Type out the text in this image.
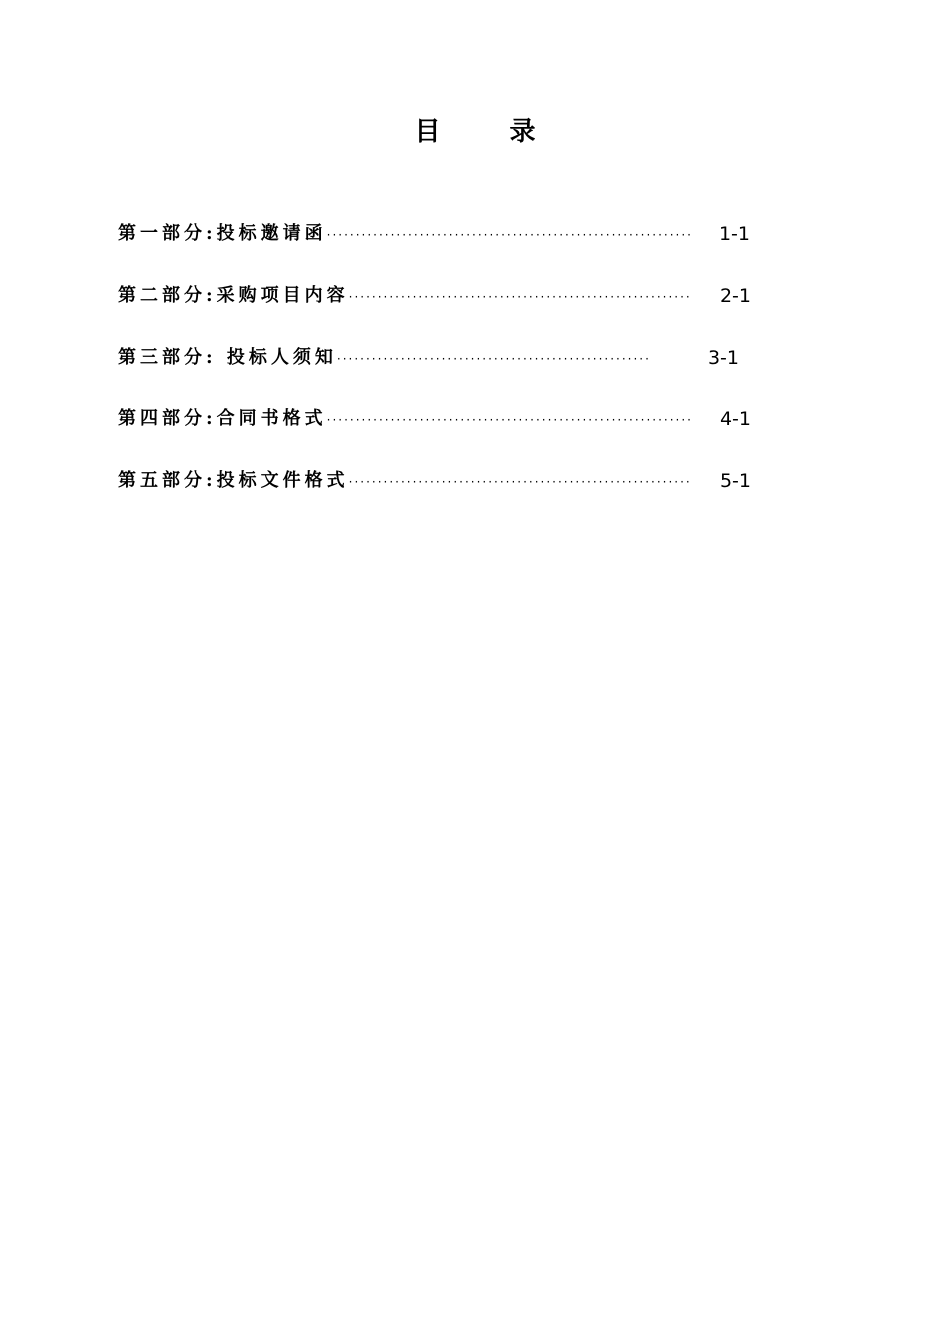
目 录
第一部分:投标邀请函 ·······························································	1-1
第二部分:采购项目内容 ···························································	2-1
第三部分: 投标人须知 ······················································	3-1
第四部分:合同书格式 ·······························································	4-1
第五部分:投标文件格式 ···························································	5-1
